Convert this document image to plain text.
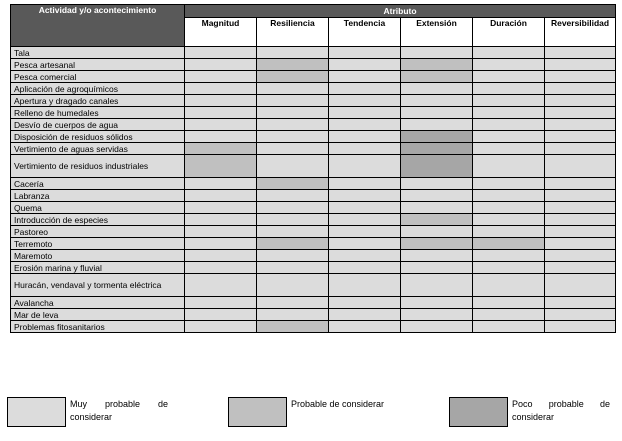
Actividad y/o acontecimiento	Atributo					
	Magnitud	Resiliencia	Tendencia	Extensión	Duración	Reversibilidad
Tala						
Pesca artesanal						
Pesca comercial						
Aplicación de agroquímicos						
Apertura y dragado canales						
Relleno de humedales						
Desvío de cuerpos de agua						
Disposición de residuos sólidos						
Vertimiento de aguas servidas						
Vertimiento de residuos industriales						
Cacería						
Labranza						
Quema						
Introducción de especies						
Pastoreo						
Terremoto						
Maremoto						
Erosión marina y fluvial						
Huracán, vendaval y tormenta eléctrica						
Avalancha						
Mar de leva						
Problemas fitosanitarios						
Muy probable de considerar
Probable de considerar	Poco probable de considerar
